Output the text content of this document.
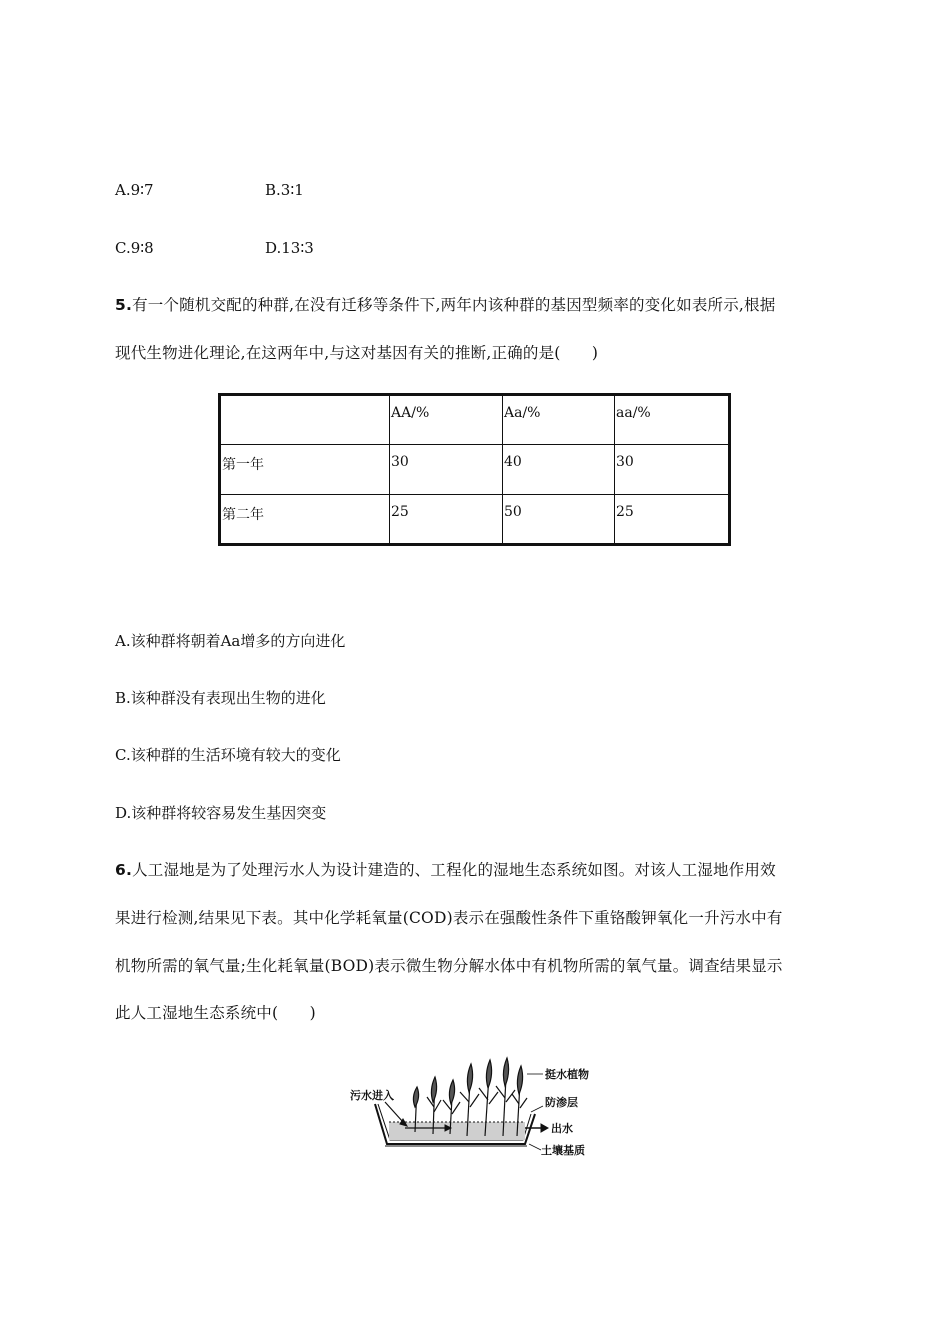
A.9∶7	B.3∶1
C.9∶8	D.13∶3
5.有一个随机交配的种群,在没有迁移等条件下,两年内该种群的基因型频率的变化如表所示,根据
现代生物进化理论,在这两年中,与这对基因有关的推断,正确的是(　　)
	AA/%	Aa/%	aa/%
第一年	30	40	30
第二年	25	50	25
A.该种群将朝着Aa增多的方向进化
B.该种群没有表现出生物的进化
C.该种群的生活环境有较大的变化
D.该种群将较容易发生基因突变
6.人工湿地是为了处理污水人为设计建造的、工程化的湿地生态系统如图。对该人工湿地作用效
果进行检测,结果见下表。其中化学耗氧量(COD)表示在强酸性条件下重铬酸钾氧化一升污水中有
机物所需的氧气量;生化耗氧量(BOD)表示微生物分解水体中有机物所需的氧气量。调查结果显示
此人工湿地生态系统中(　　)
污水进入
挺水植物
防渗层
出水
土壤基质
